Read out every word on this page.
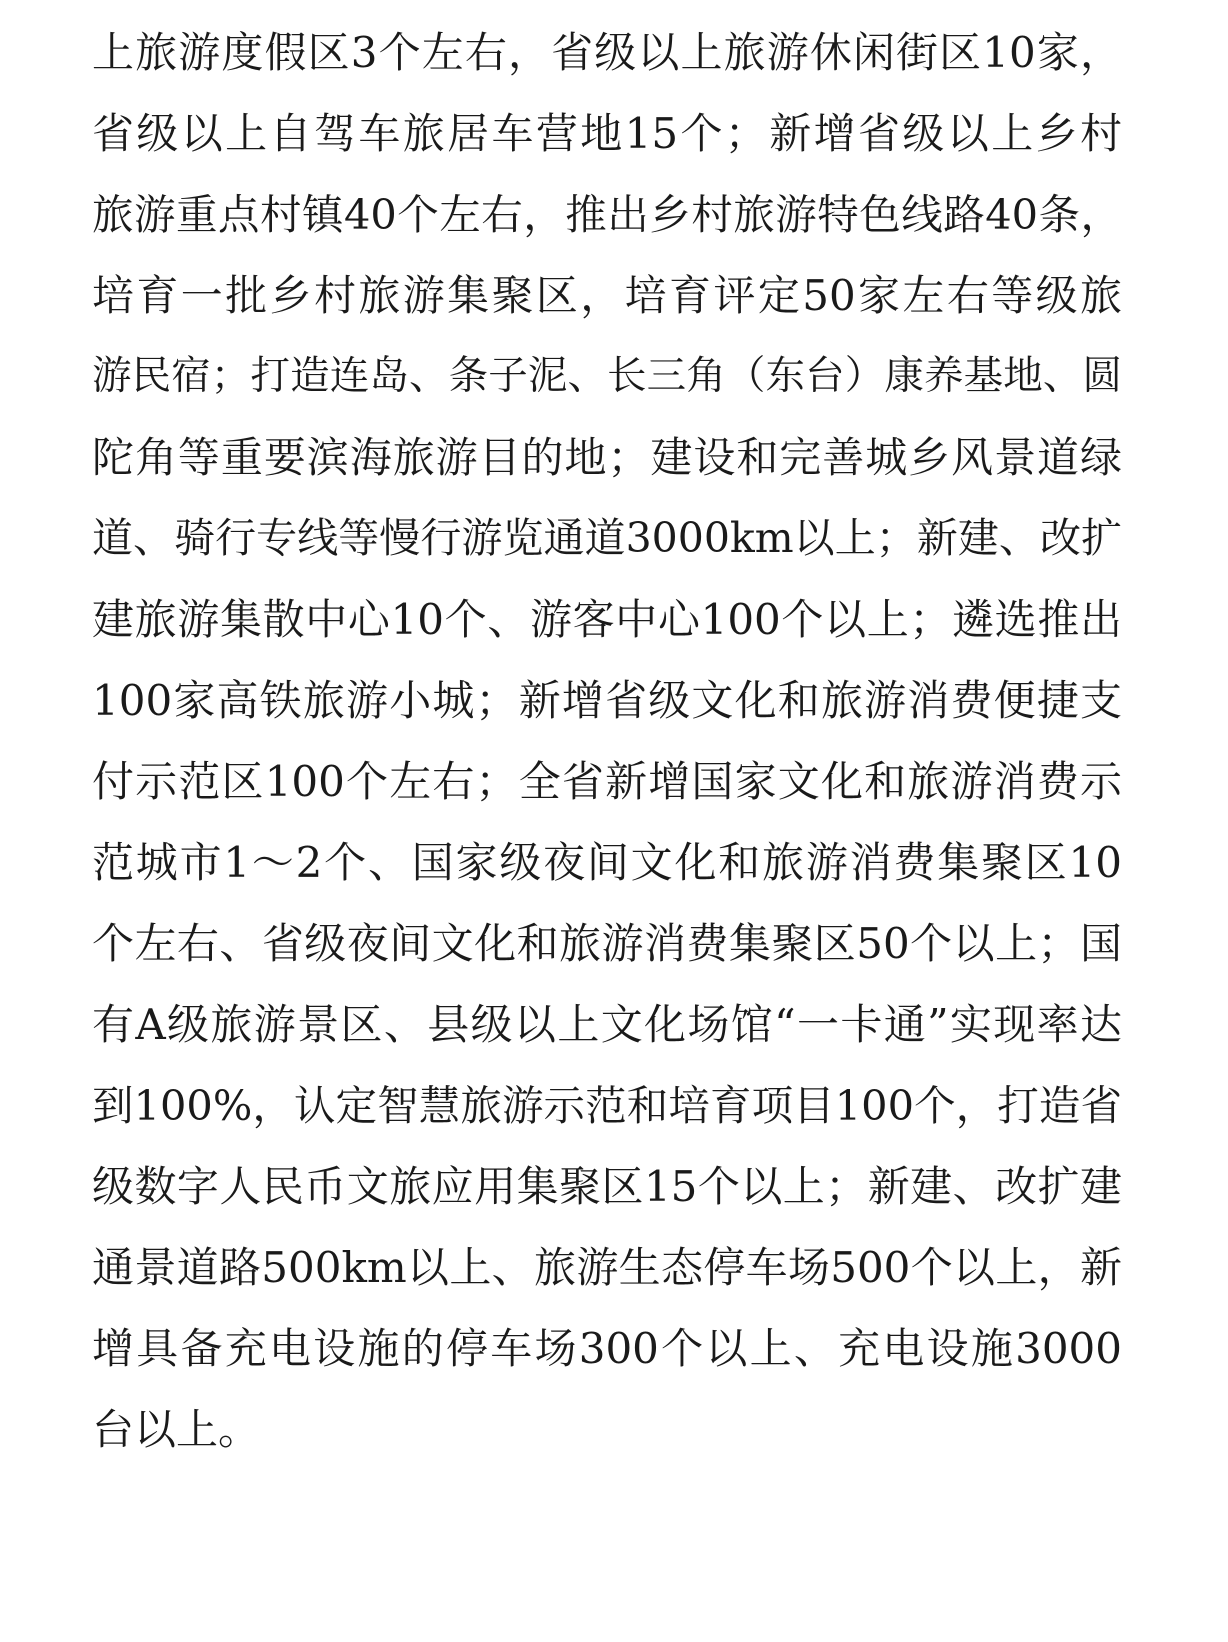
上旅游度假区3个左右，省级以上旅游休闲街区10家，
省级以上自驾车旅居车营地15个；新增省级以上乡村
旅游重点村镇40个左右，推出乡村旅游特色线路40条，
培育一批乡村旅游集聚区，培育评定50家左右等级旅
游民宿；打造连岛、条子泥、长三角（东台）康养基地、圆
陀角等重要滨海旅游目的地；建设和完善城乡风景道绿
道、骑行专线等慢行游览通道3000km以上；新建、改扩
建旅游集散中心10个、游客中心100个以上；遴选推出
100家高铁旅游小城；新增省级文化和旅游消费便捷支
付示范区100个左右；全省新增国家文化和旅游消费示
范城市1～2个、国家级夜间文化和旅游消费集聚区10
个左右、省级夜间文化和旅游消费集聚区50个以上；国
有A级旅游景区、县级以上文化场馆“一卡通”实现率达
到100%，认定智慧旅游示范和培育项目100个，打造省
级数字人民币文旅应用集聚区15个以上；新建、改扩建
通景道路500km以上、旅游生态停车场500个以上，新
增具备充电设施的停车场300个以上、充电设施3000
台以上。
